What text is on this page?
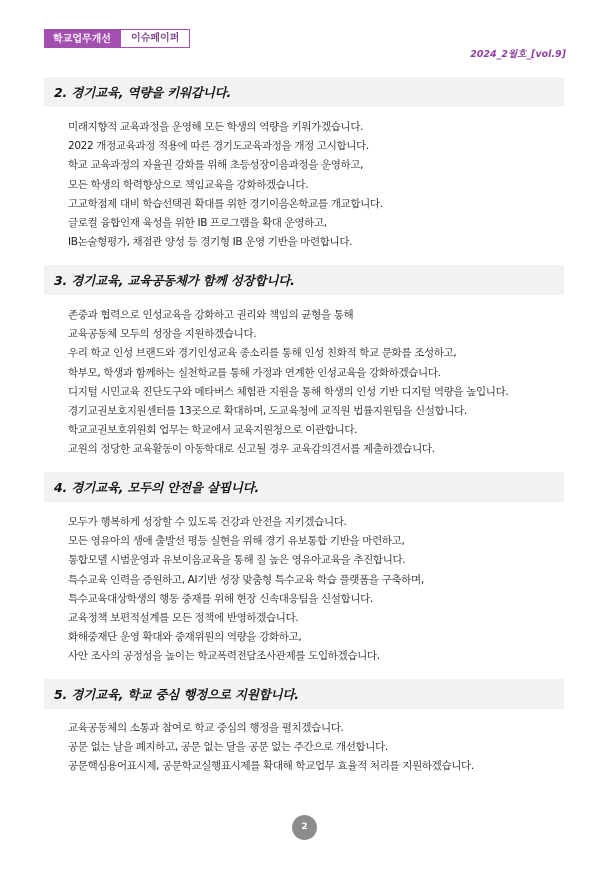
학교업무개선	이슈페이퍼
2024_2월호_[vol.9]
2. 경기교육, 역량을 키워갑니다.
미래지향적 교육과정을 운영해 모든 학생의 역량을 키워가겠습니다.
2022 개정교육과정 적용에 따른 경기도교육과정을 개정 고시합니다.
학교 교육과정의 자율권 강화를 위해 초등성장이음과정을 운영하고,
모든 학생의 학력향상으로 책임교육을 강화하겠습니다.
고교학점제 대비 학습선택권 확대를 위한 경기이음온학교를 개교합니다.
글로컬 융합인재 육성을 위한 IB 프로그램을 확대 운영하고,
IB논술형평가, 채점관 양성 등 경기형 IB 운영 기반을 마련합니다.
3. 경기교육, 교육공동체가 함께 성장합니다.
존중과 협력으로 인성교육을 강화하고 권리와 책임의 균형을 통해
교육공동체 모두의 성장을 지원하겠습니다.
우리 학교 인성 브랜드와 경기인성교육 종소리를 통해 인성 친화적 학교 문화를 조성하고,
학부모, 학생과 함께하는 실천학교를 통해 가정과 연계한 인성교육을 강화하겠습니다.
디지털 시민교육 진단도구와 메타버스 체험관 지원을 통해 학생의 인성 기반 디지털 역량을 높입니다.
경기교권보호지원센터를 13곳으로 확대하며, 도교육청에 교직원 법률지원팀을 신설합니다.
학교교권보호위원회 업무는 학교에서 교육지원청으로 이관합니다.
교원의 정당한 교육활동이 아동학대로 신고될 경우 교육감의견서를 제출하겠습니다.
4. 경기교육, 모두의 안전을 살핍니다.
모두가 행복하게 성장할 수 있도록 건강과 안전을 지키겠습니다.
모든 영유아의 생애 출발선 평등 실현을 위해 경기 유보통합 기반을 마련하고,
통합모델 시범운영과 유보이음교육을 통해 질 높은 영유아교육을 추진합니다.
특수교육 인력을 증원하고, AI기반 성장 맞춤형 특수교육 학습 플랫폼을 구축하며,
특수교육대상학생의 행동 중재를 위해 현장 신속대응팀을 신설합니다.
교육정책 보편적설계를 모든 정책에 반영하겠습니다.
화해중재단 운영 확대와 중재위원의 역량을 강화하고,
사안 조사의 공정성을 높이는 학교폭력전담조사관제를 도입하겠습니다.
5. 경기교육, 학교 중심 행정으로 지원합니다.
교육공동체의 소통과 참여로 학교 중심의 행정을 펼치겠습니다.
공문 없는 날을 폐지하고, 공문 없는 달을 공문 없는 주간으로 개선합니다.
공문핵심용어표시제, 공문학교실행표시제를 확대해 학교업무 효율적 처리를 지원하겠습니다.
2
